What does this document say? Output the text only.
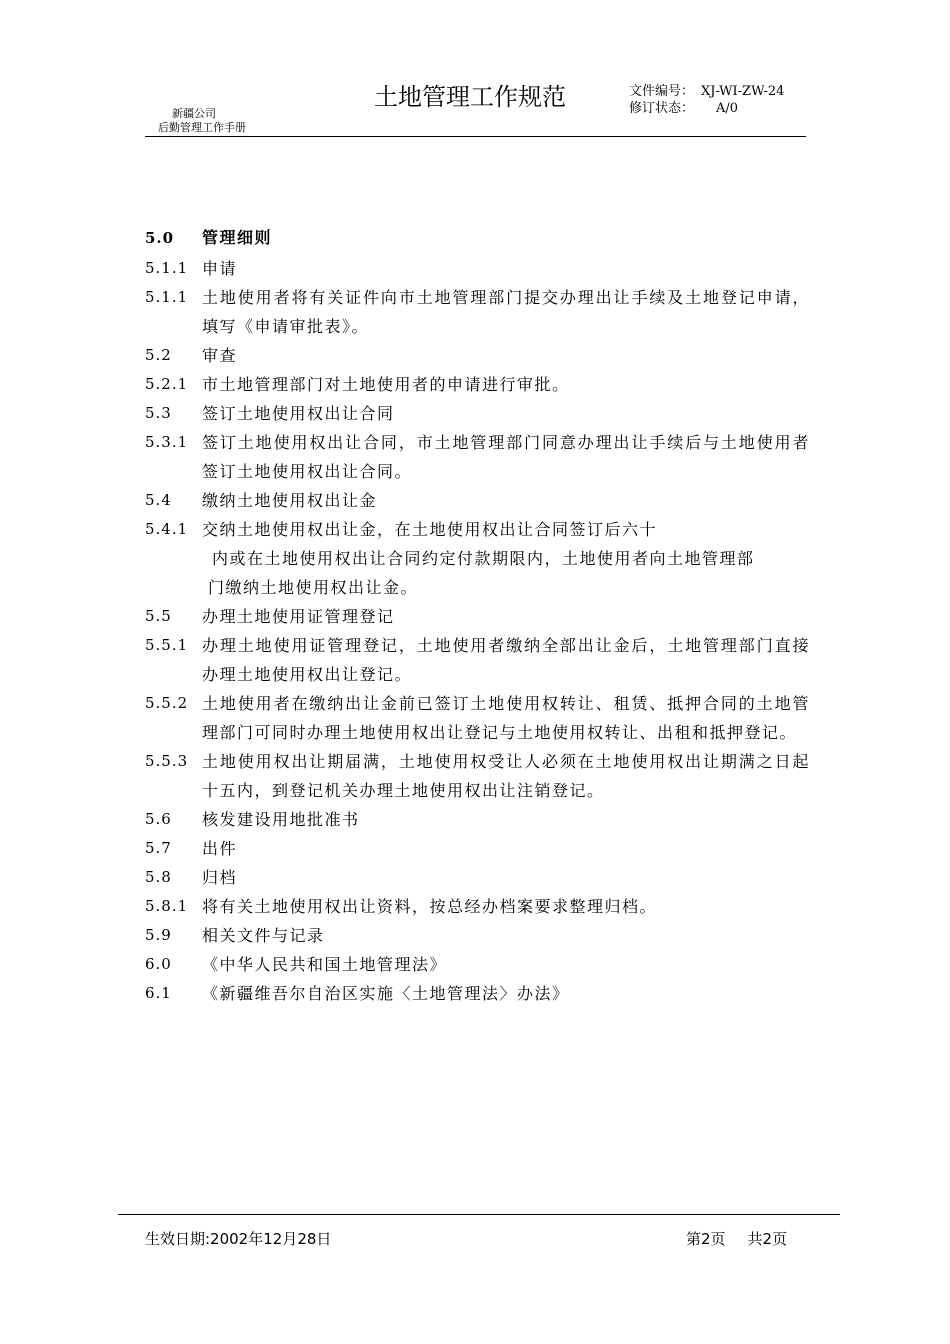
新疆公司
后勤管理工作手册
土地管理工作规范	文件编号： XJ-WI-ZW-24
修订状态： A/0
5.0 管理细则
5.1.1 申请
5.1.1 土地使用者将有关证件向市土地管理部门提交办理出让手续及土地登记申请，填写《申请审批表》。
5.2 审查
5.2.1 市土地管理部门对土地使用者的申请进行审批。
5.3 签订土地使用权出让合同
5.3.1 签订土地使用权出让合同，市土地管理部门同意办理出让手续后与土地使用者签订土地使用权出让合同。
5.4 缴纳土地使用权出让金
5.4.1 交纳土地使用权出让金，在土地使用权出让合同签订后六十
内或在土地使用权出让合同约定付款期限内，土地使用者向土地管理部
门缴纳土地使用权出让金。
5.5 办理土地使用证管理登记
5.5.1 办理土地使用证管理登记，土地使用者缴纳全部出让金后，土地管理部门直接办理土地使用权出让登记。
5.5.2 土地使用者在缴纳出让金前已签订土地使用权转让、租赁、抵押合同的土地管理部门可同时办理土地使用权出让登记与土地使用权转让、出租和抵押登记。
5.5.3 土地使用权出让期届满，土地使用权受让人必须在土地使用权出让期满之日起十五内，到登记机关办理土地使用权出让注销登记。
5.6 核发建设用地批准书
5.7 出件
5.8 归档
5.8.1 将有关土地使用权出让资料，按总经办档案要求整理归档。
5.9 相关文件与记录
6.0 《中华人民共和国土地管理法》
6.1 《新疆维吾尔自治区实施〈土地管理法〉办法》
生效日期:2002年12月28日	第2页 共2页
